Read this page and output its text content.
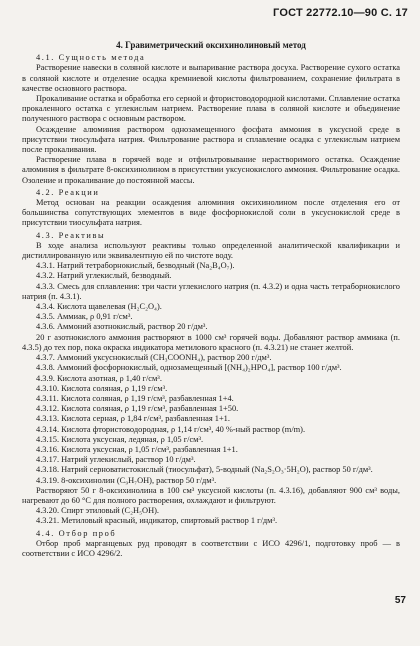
ГОСТ 22772.10—90 С. 17
4. Гравиметрический оксихинолиновый метод
4.1. Сущность метода
Растворение навески в соляной кислоте и выпаривание раствора досуха. Растворение сухого остатка в соляной кислоте и отделение осадка кремниевой кислоты фильтрованием, сохранение фильтрата в качестве основного раствора.
Прокаливание остатка и обработка его серной и фтористоводородной кислотами. Сплавление остатка прокаленного остатка с углекислым натрием. Растворение плава в соляной кислоте и объединение полученного раствора с основным раствором.
Осаждение алюминия раствором однозамещенного фосфата аммония в уксусной среде в присутствии тиосульфата натрия. Фильтрование раствора и сплавление осадка с углекислым натрием после прокаливания.
Растворение плава в горячей воде и отфильтровывание нерастворимого остатка. Осаждение алюминия в фильтрате 8-оксихинолином в присутствии уксуснокислого аммония. Фильтрование осадка. Озоление и прокаливание до постоянной массы.
4.2. Реакции
Метод основан на реакции осаждения алюминия оксихинолином после отделения его от большинства сопутствующих элементов в виде фосфорнокислой соли в уксуснокислой среде в присутствии тиосульфата натрия.
4.3. Реактивы
В ходе анализа используют реактивы только определенной аналитической квалификации и дистиллированную или эквивалентную ей по чистоте воду.
4.3.1. Натрий тетраборнокислый, безводный (Na₂B₄O₇).
4.3.2. Натрий углекислый, безводный.
4.3.3. Смесь для сплавления: три части углекислого натрия (п. 4.3.2) и одна часть тетраборнокислого натрия (п. 4.3.1).
4.3.4. Кислота щавелевая (H₂C₂O₄).
4.3.5. Аммиак, ρ 0,91 г/см³.
4.3.6. Аммоний азотнокислый, раствор 20 г/дм³.
20 г азотнокислого аммония растворяют в 1000 см³ горячей воды. Добавляют раствор аммиака (п. 4.3.5) до тех пор, пока окраска индикатора метилового красного (п. 4.3.21) не станет желтой.
4.3.7. Аммоний уксуснокислый (CH₃COONH₄), раствор 200 г/дм³.
4.3.8. Аммоний фосфорнокислый, однозамещенный [(NH₄)₂HPO₄], раствор 100 г/дм³.
4.3.9. Кислота азотная, ρ 1,40 г/см³.
4.3.10. Кислота соляная, ρ 1,19 г/см³.
4.3.11. Кислота соляная, ρ 1,19 г/см³, разбавленная 1+4.
4.3.12. Кислота соляная, ρ 1,19 г/см³, разбавленная 1+50.
4.3.13. Кислота серная, ρ 1,84 г/см³, разбавленная 1+1.
4.3.14. Кислота фтористоводородная, ρ 1,14 г/см³, 40 %-ный раствор (m/m).
4.3.15. Кислота уксусная, ледяная, ρ 1,05 г/см³.
4.3.16. Кислота уксусная, ρ 1,05 г/см³, разбавленная 1+1.
4.3.17. Натрий углекислый, раствор 10 г/дм³.
4.3.18. Натрий серноватистокислый (тиосульфат), 5-водный (Na₂S₂O₃·5H₂O), раствор 50 г/дм³.
4.3.19. 8-оксихинолин (C₉H₇OH), раствор 50 г/дм³.
Растворяют 50 г 8-оксихинолина в 100 см³ уксусной кислоты (п. 4.3.16), добавляют 900 см³ воды, нагревают до 60 °С для полного растворения, охлаждают и фильтруют.
4.3.20. Спирт этиловый (C₂H₅OH).
4.3.21. Метиловый красный, индикатор, спиртовый раствор 1 г/дм³.
4.4. Отбор проб
Отбор проб марганцевых руд проводят в соответствии с ИСО 4296/1, подготовку проб — в соответствии с ИСО 4296/2.
57
